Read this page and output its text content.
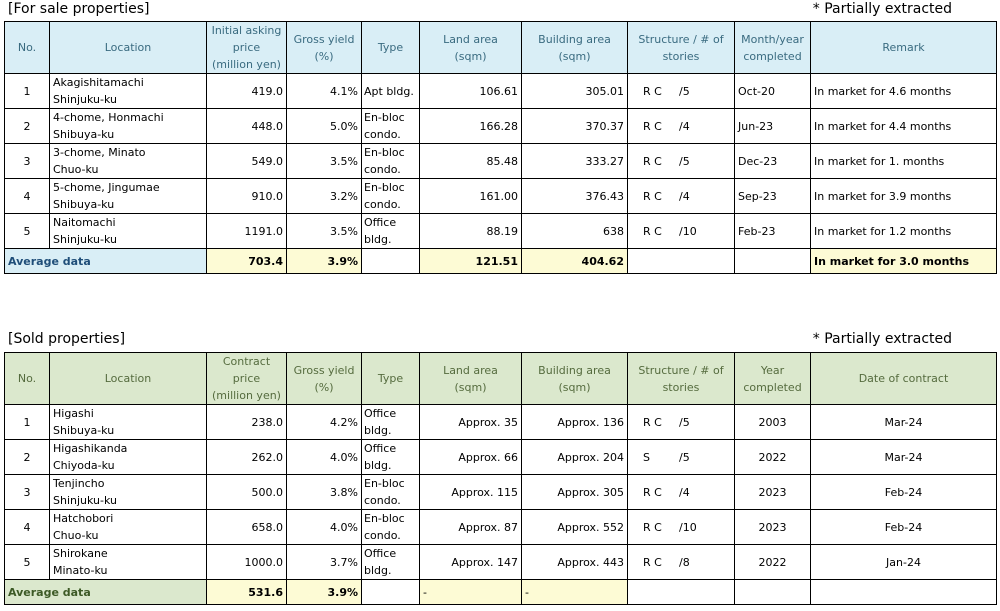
[For sale properties]	* Partially extracted
No.	Location	Initial asking
price
(million yen)	Gross yield
(%)	Type	Land area
(sqm)	Building area
(sqm)	Structure / # of
stories	Month/year
completed	Remark
1	Akagishitamachi
Shinjuku-ku	419.0	4.1%	Apt bldg.	106.61	305.01	R C /5	Oct-20	In market for 4.6 months
2	4-chome, Honmachi
Shibuya-ku	448.0	5.0%	En-bloc
condo.	166.28	370.37	R C /4	Jun-23	In market for 4.4 months
3	3-chome, Minato
Chuo-ku	549.0	3.5%	En-bloc
condo.	85.48	333.27	R C /5	Dec-23	In market for 1. months
4	5-chome, Jingumae
Shibuya-ku	910.0	3.2%	En-bloc
condo.	161.00	376.43	R C /4	Sep-23	In market for 3.9 months
5	Naitomachi
Shinjuku-ku	1191.0	3.5%	Office
bldg.	88.19	638	R C /10	Feb-23	In market for 1.2 months
Average data		703.4	3.9%		121.51	404.62			In market for 3.0 months
[Sold properties]	* Partially extracted
No.	Location	Contract
price
(million yen)	Gross yield
(%)	Type	Land area
(sqm)	Building area
(sqm)	Structure / # of
stories	Year
completed	Date of contract
1	Higashi
Shibuya-ku	238.0	4.2%	Office
bldg.	Approx. 35	Approx. 136	R C /5	2003	Mar-24
2	Higashikanda
Chiyoda-ku	262.0	4.0%	Office
bldg.	Approx. 66	Approx. 204	S /5	2022	Mar-24
3	Tenjincho
Shinjuku-ku	500.0	3.8%	En-bloc
condo.	Approx. 115	Approx. 305	R C /4	2023	Feb-24
4	Hatchobori
Chuo-ku	658.0	4.0%	En-bloc
condo.	Approx. 87	Approx. 552	R C /10	2023	Feb-24
5	Shirokane
Minato-ku	1000.0	3.7%	Office
bldg.	Approx. 147	Approx. 443	R C /8	2022	Jan-24
Average data		531.6	3.9%		-	-			
